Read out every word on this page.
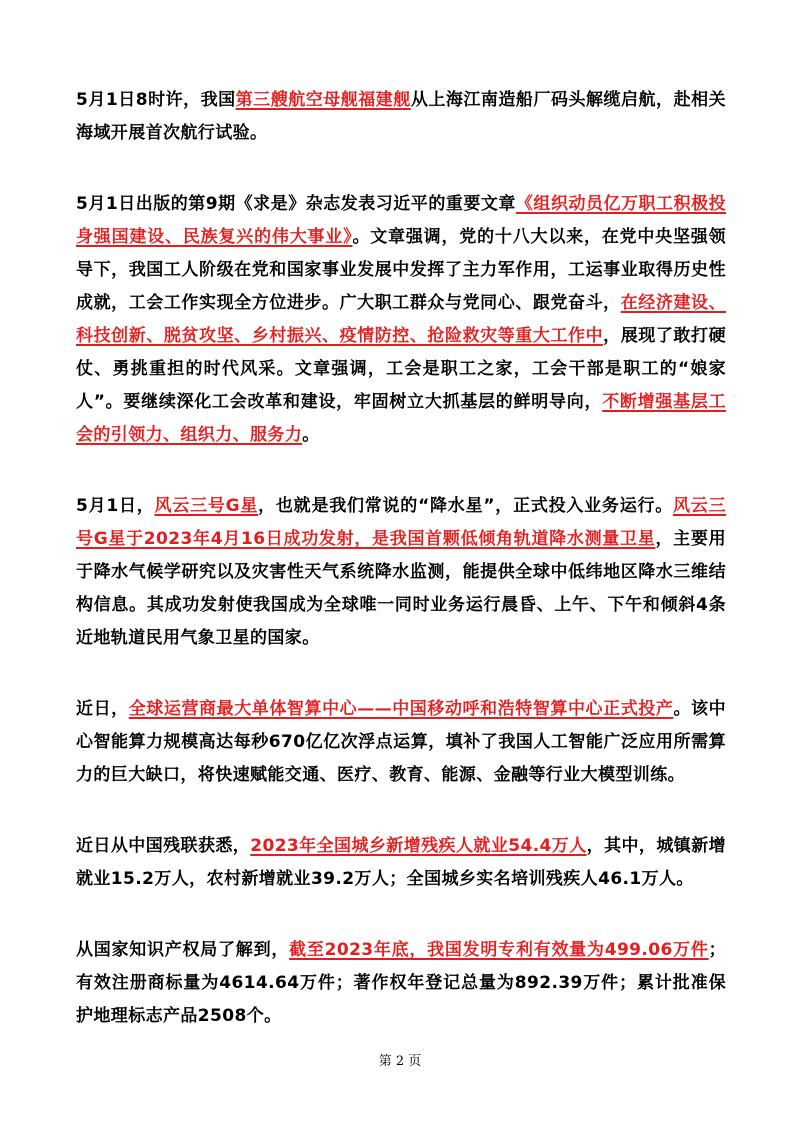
5月1日8时许，我国第三艘航空母舰福建舰从上海江南造船厂码头解缆启航，赴相关海域开展首次航行试验。

5月1日出版的第9期《求是》杂志发表习近平的重要文章《组织动员亿万职工积极投身强国建设、民族复兴的伟大事业》。文章强调，党的十八大以来，在党中央坚强领导下，我国工人阶级在党和国家事业发展中发挥了主力军作用，工运事业取得历史性成就，工会工作实现全方位进步。广大职工群众与党同心、跟党奋斗，在经济建设、科技创新、脱贫攻坚、乡村振兴、疫情防控、抢险救灾等重大工作中，展现了敢打硬仗、勇挑重担的时代风采。文章强调，工会是职工之家，工会干部是职工的“娘家人”。要继续深化工会改革和建设，牢固树立大抓基层的鲜明导向，不断增强基层工会的引领力、组织力、服务力。

5月1日，风云三号G星，也就是我们常说的“降水星”，正式投入业务运行。风云三号G星于2023年4月16日成功发射，是我国首颗低倾角轨道降水测量卫星，主要用于降水气候学研究以及灾害性天气系统降水监测，能提供全球中低纬地区降水三维结构信息。其成功发射使我国成为全球唯一同时业务运行晨昏、上午、下午和倾斜4条近地轨道民用气象卫星的国家。

近日，全球运营商最大单体智算中心——中国移动呼和浩特智算中心正式投产。该中心智能算力规模高达每秒670亿亿次浮点运算，填补了我国人工智能广泛应用所需算力的巨大缺口，将快速赋能交通、医疗、教育、能源、金融等行业大模型训练。

近日从中国残联获悉，2023年全国城乡新增残疾人就业54.4万人，其中，城镇新增就业15.2万人，农村新增就业39.2万人；全国城乡实名培训残疾人46.1万人。

从国家知识产权局了解到，截至2023年底，我国发明专利有效量为499.06万件；有效注册商标量为4614.64万件；著作权年登记总量为892.39万件；累计批准保护地理标志产品2508个。

第 2 页
